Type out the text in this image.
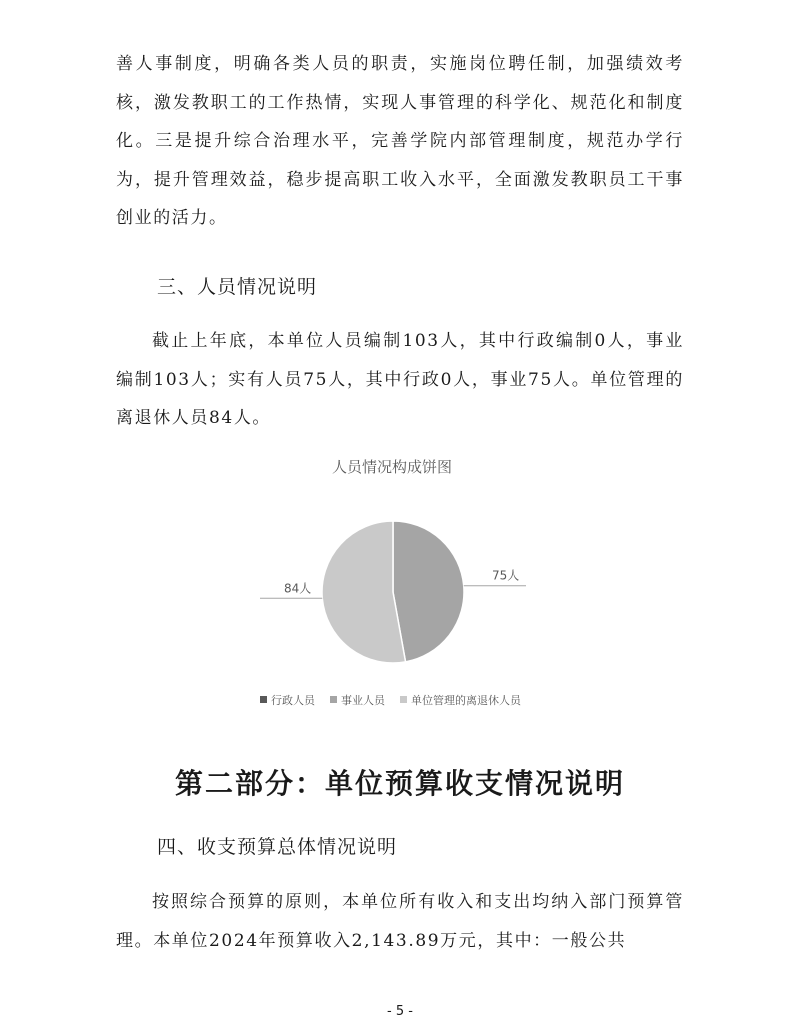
善人事制度，明确各类人员的职责，实施岗位聘任制，加强绩效考核，激发教职工的工作热情，实现人事管理的科学化、规范化和制度化。三是提升综合治理水平，完善学院内部管理制度，规范办学行为，提升管理效益，稳步提高职工收入水平，全面激发教职员工干事创业的活力。

三、人员情况说明

截止上年底，本单位人员编制103人，其中行政编制0人，事业编制103人；实有人员75人，其中行政0人，事业75人。单位管理的离退休人员84人。

人员情况构成饼图
75人
84人
行政人员 事业人员 单位管理的离退休人员
第二部分：单位预算收支情况说明
四、收支预算总体情况说明

按照综合预算的原则，本单位所有收入和支出均纳入部门预算管理。本单位2024年预算收入2,143.89万元，其中：一般公共

- 5 -
